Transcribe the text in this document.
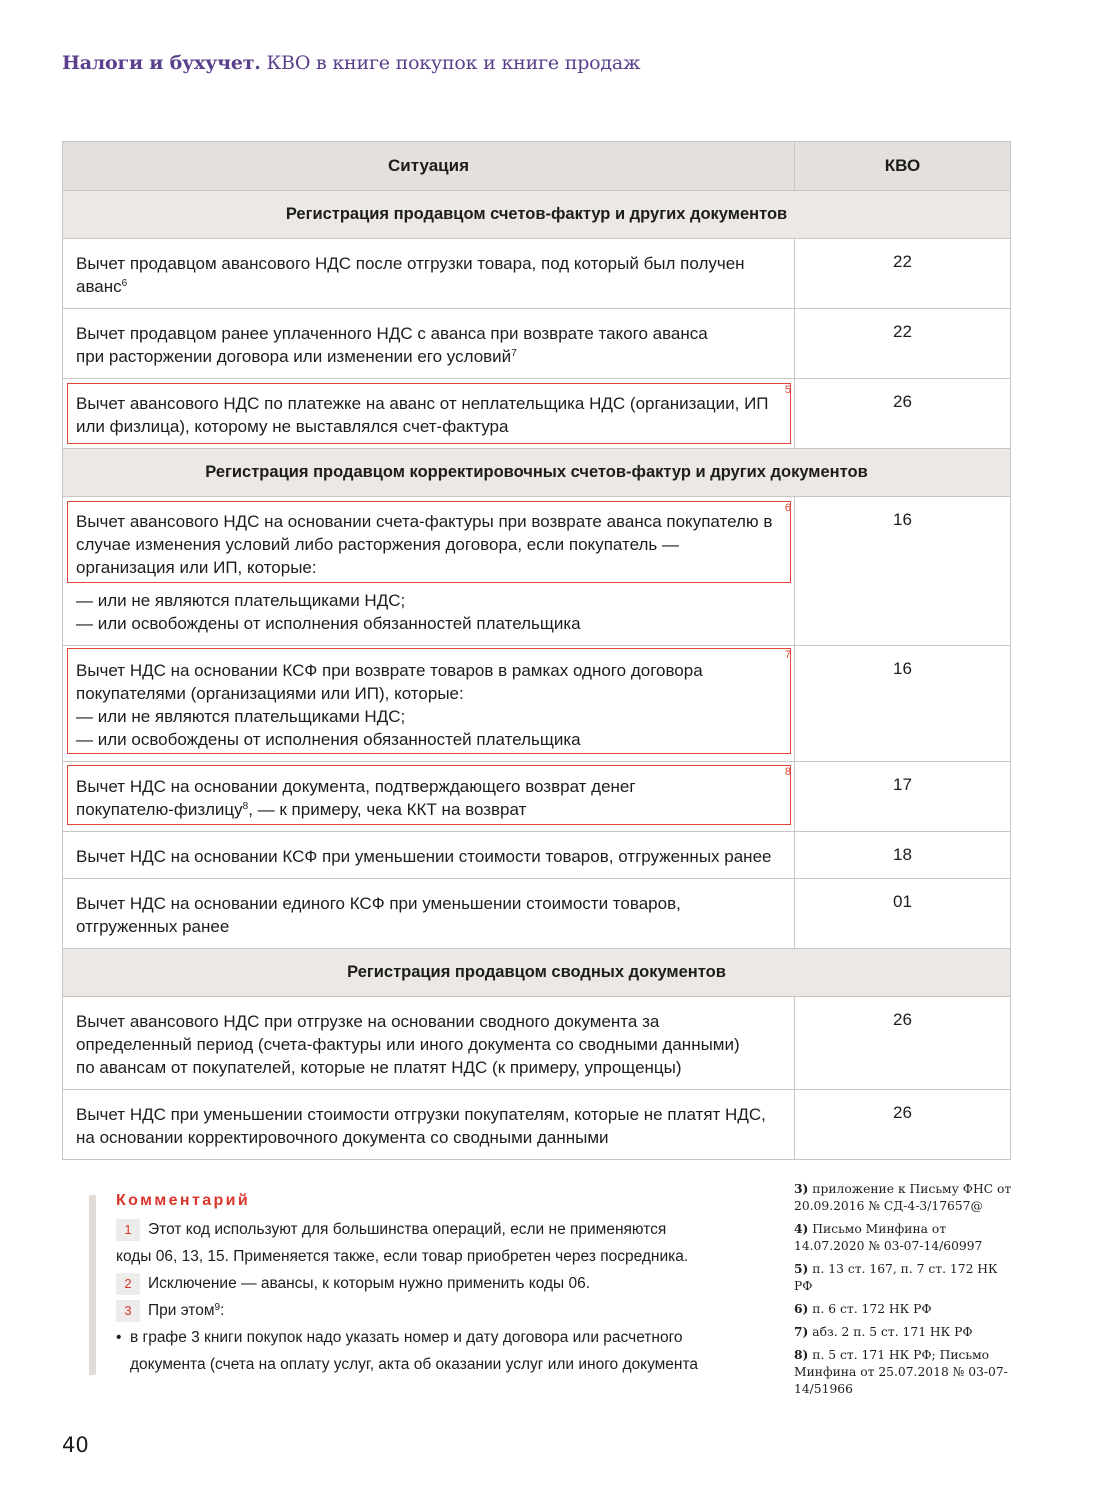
Налоги и бухучет. КВО в книге покупок и книге продаж
Ситуация	КВО
Регистрация продавцом счетов-фактур и других документов	
Вычет продавцом авансового НДС после отгрузки товара, под который был получен аванс$^6$	22
Вычет продавцом ранее уплаченного НДС с аванса при возврате такого аванса при расторжении договора или изменении его условий$^7$	22
Вычет авансового НДС по платежке на аванс от неплательщика НДС (организации, ИП или физлица), которому не выставлялся счет-фактура	26
Регистрация продавцом корректировочных счетов-фактур и других документов	

Вычет авансового НДС на основании счета-фактуры при возврате аванса покупателю в случае изменения условий либо расторжения договора, если покупатель — организация или ИП, которые:
— или не являются плательщиками НДС;
— или освобождены от исполнения обязанностей плательщика	16

Вычет НДС на основании КСФ при возврате товаров в рамках одного договора покупателями (организациями или ИП), которые:
— или не являются плательщиками НДС;
— или освобождены от исполнения обязанностей плательщика	16
Вычет НДС на основании документа, подтверждающего возврат денег покупателю-физлицу$^8$, — к примеру, чека ККТ на возврат	17
Вычет НДС на основании КСФ при уменьшении стоимости товаров, отгруженных ранее	18
Вычет НДС на основании единого КСФ при уменьшении стоимости товаров, отгруженных ранее	01
Регистрация продавцом сводных документов	
Вычет авансового НДС при отгрузке на основании сводного документа за определенный период (счета-фактуры или иного документа со сводными данными) по авансам от покупателей, которые не платят НДС (к примеру, упрощенцы)	26
Вычет НДС при уменьшении стоимости отгрузки покупателям, которые не платят НДС, на основании корректировочного документа со сводными данными	26
5
6
7
8
Комментарий
1 Этот код используют для большинства операций, если не применяются
коды 06, 13, 15. Применяется также, если товар приобретен через посредника.
2 Исключение — авансы, к которым нужно применить коды 06.
3 При этом$^9$:
• в графе 3 книги покупок надо указать номер и дату договора или расчетного
документа (счета на оплату услуг, акта об оказании услуг или иного документа
3) приложение к Письму ФНС от 20.09.2016 № СД-4-3/17657@
4) Письмо Минфина от 14.07.2020 № 03-07-14/60997
5) п. 13 ст. 167, п. 7 ст. 172 НК РФ
6) п. 6 ст. 172 НК РФ
7) абз. 2 п. 5 ст. 171 НК РФ
8) п. 5 ст. 171 НК РФ; Письмо Минфина от 25.07.2018 № 03-07-14/51966
40
